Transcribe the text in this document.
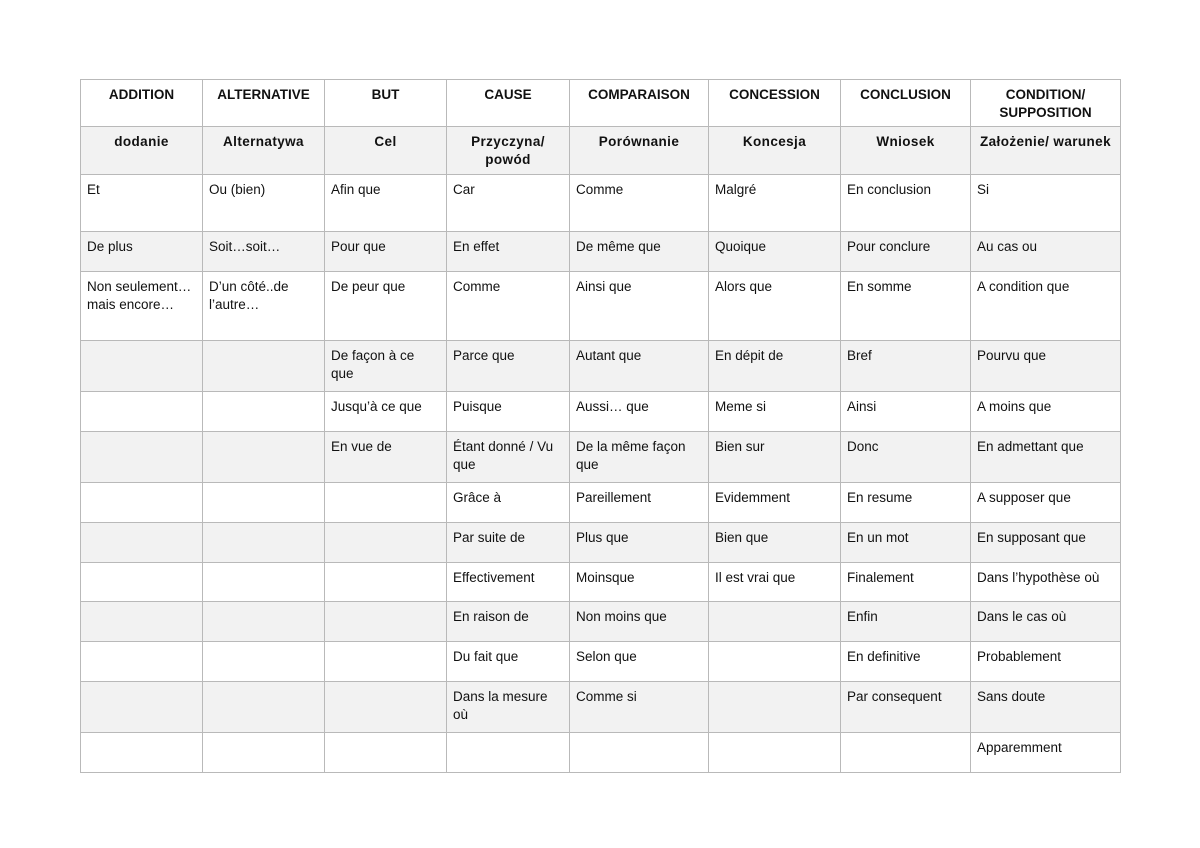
ADDITION	ALTERNATIVE	BUT	CAUSE	COMPARAISON	CONCESSION	CONCLUSION	CONDITION/ SUPPOSITION
dodanie	Alternatywa	Cel	Przyczyna/ powód	Porównanie	Koncesja	Wniosek	Założenie/ warunek
Et	Ou (bien)	Afin que	Car	Comme	Malgré	En conclusion	Si
De plus	Soit…soit…	Pour que	En effet	De même que	Quoique	Pour conclure	Au cas ou
Non seulement…mais encore…	D’un côté..de l’autre…	De peur que	Comme	Ainsi que	Alors que	En somme	A condition que
		De façon à ce que	Parce que	Autant que	En dépit de	Bref	Pourvu que
		Jusqu’à ce que	Puisque	Aussi… que	Meme si	Ainsi	A moins que
		En vue de	Étant donné / Vu que	De la même façon que	Bien sur	Donc	En admettant que
			Grâce à	Pareillement	Evidemment	En resume	A supposer que
			Par suite de	Plus que	Bien que	En un mot	En supposant que
			Effectivement	Moinsque	Il est vrai que	Finalement	Dans l’hypothèse où
			En raison de	Non moins que		Enfin	Dans le cas où
			Du fait que	Selon que		En definitive	Probablement
			Dans la mesure où	Comme si		Par consequent	Sans doute
							Apparemment
